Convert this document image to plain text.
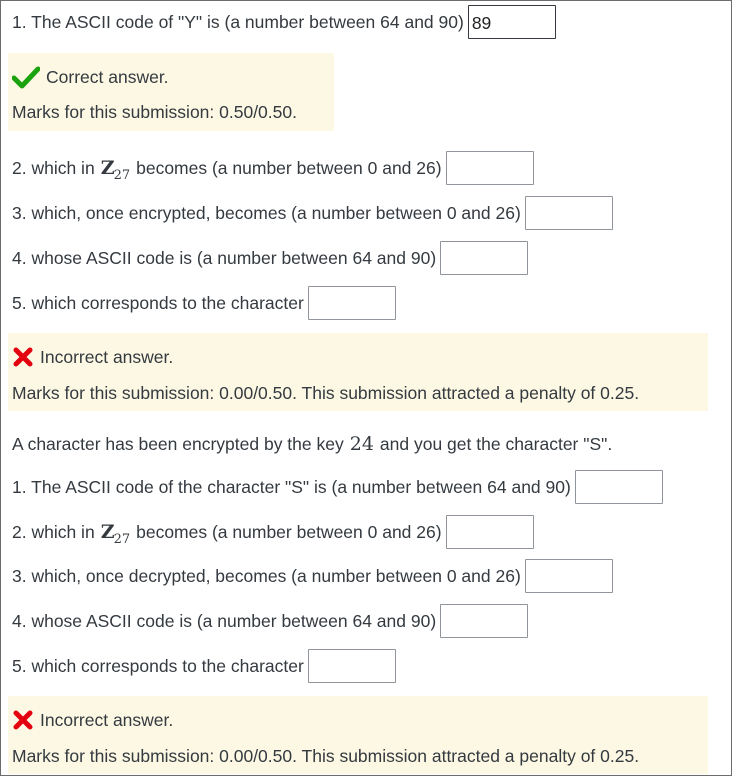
1. The ASCII code of "Y" is (a number between 64 and 90) 89
Correct answer.
Marks for this submission: 0.50/0.50.
2. which in $Z_{27}$ becomes (a number between 0 and 26)
3. which, once encrypted, becomes (a number between 0 and 26)
4. whose ASCII code is (a number between 64 and 90)
5. which corresponds to the character
Incorrect answer.
Marks for this submission: 0.00/0.50. This submission attracted a penalty of 0.25.
A character has been encrypted by the key 24 and you get the character "S".
1. The ASCII code of the character "S" is (a number between 64 and 90)
2. which in $Z_{27}$ becomes (a number between 0 and 26)
3. which, once decrypted, becomes (a number between 0 and 26)
4. whose ASCII code is (a number between 64 and 90)
5. which corresponds to the character
Incorrect answer.
Marks for this submission: 0.00/0.50. This submission attracted a penalty of 0.25.
